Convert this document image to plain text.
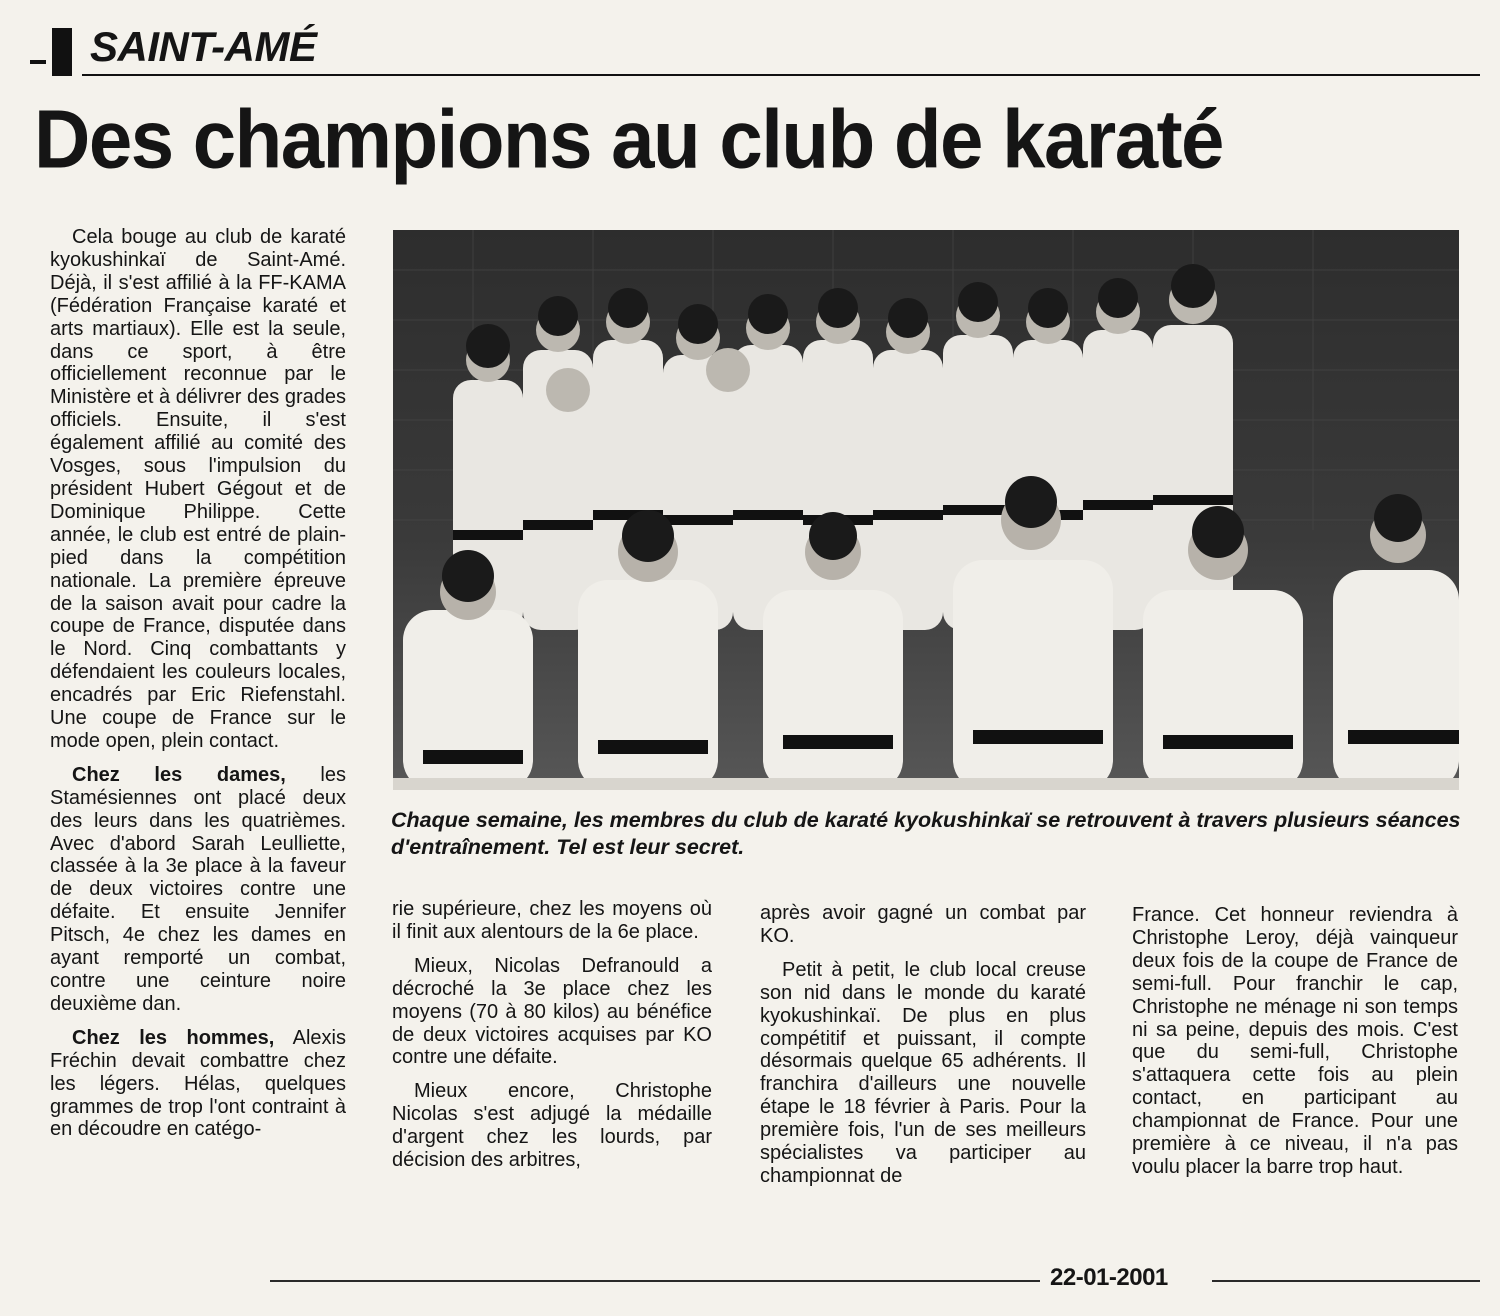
SAINT-AMÉ
Des champions au club de karaté

Cela bouge au club de karaté kyokushinkaï de Saint-Amé. Déjà, il s'est affilié à la FF-KAMA (Fédération Française karaté et arts martiaux). Elle est la seule, dans ce sport, à être officiellement reconnue par le Ministère et à délivrer des grades officiels. Ensuite, il s'est également affilié au comité des Vosges, sous l'impulsion du président Hubert Gégout et de Dominique Philippe. Cette année, le club est entré de plain-pied dans la compétition nationale. La première épreuve de la saison avait pour cadre la coupe de France, disputée dans le Nord. Cinq combattants y défendaient les couleurs locales, encadrés par Eric Riefenstahl. Une coupe de France sur le mode open, plein contact.

Chez les dames, les Stamésiennes ont placé deux des leurs dans les quatrièmes. Avec d'abord Sarah Leulliette, classée à la 3e place à la faveur de deux victoires contre une défaite. Et ensuite Jennifer Pitsch, 4e chez les dames en ayant remporté un combat, contre une ceinture noire deuxième dan.

Chez les hommes, Alexis Fréchin devait combattre chez les légers. Hélas, quelques grammes de trop l'ont contraint à en découdre en catégo-

Chaque semaine, les membres du club de karaté kyokushinkaï se retrouvent à travers plusieurs séances d'entraînement. Tel est leur secret.

rie supérieure, chez les moyens où il finit aux alentours de la 6e place.

Mieux, Nicolas Defranould a décroché la 3e place chez les moyens (70 à 80 kilos) au bénéfice de deux victoires acquises par KO contre une défaite.

Mieux encore, Christophe Nicolas s'est adjugé la médaille d'argent chez les lourds, par décision des arbitres,

après avoir gagné un combat par KO.

Petit à petit, le club local creuse son nid dans le monde du karaté kyokushinkaï. De plus en plus compétitif et puissant, il compte désormais quelque 65 adhérents. Il franchira d'ailleurs une nouvelle étape le 18 février à Paris. Pour la première fois, l'un de ses meilleurs spécialistes va participer au championnat de

France. Cet honneur reviendra à Christophe Leroy, déjà vainqueur deux fois de la coupe de France de semi-full. Pour franchir le cap, Christophe ne ménage ni son temps ni sa peine, depuis des mois. C'est que du semi-full, Christophe s'attaquera cette fois au plein contact, en participant au championnat de France. Pour une première à ce niveau, il n'a pas voulu placer la barre trop haut.

22-01-2001
